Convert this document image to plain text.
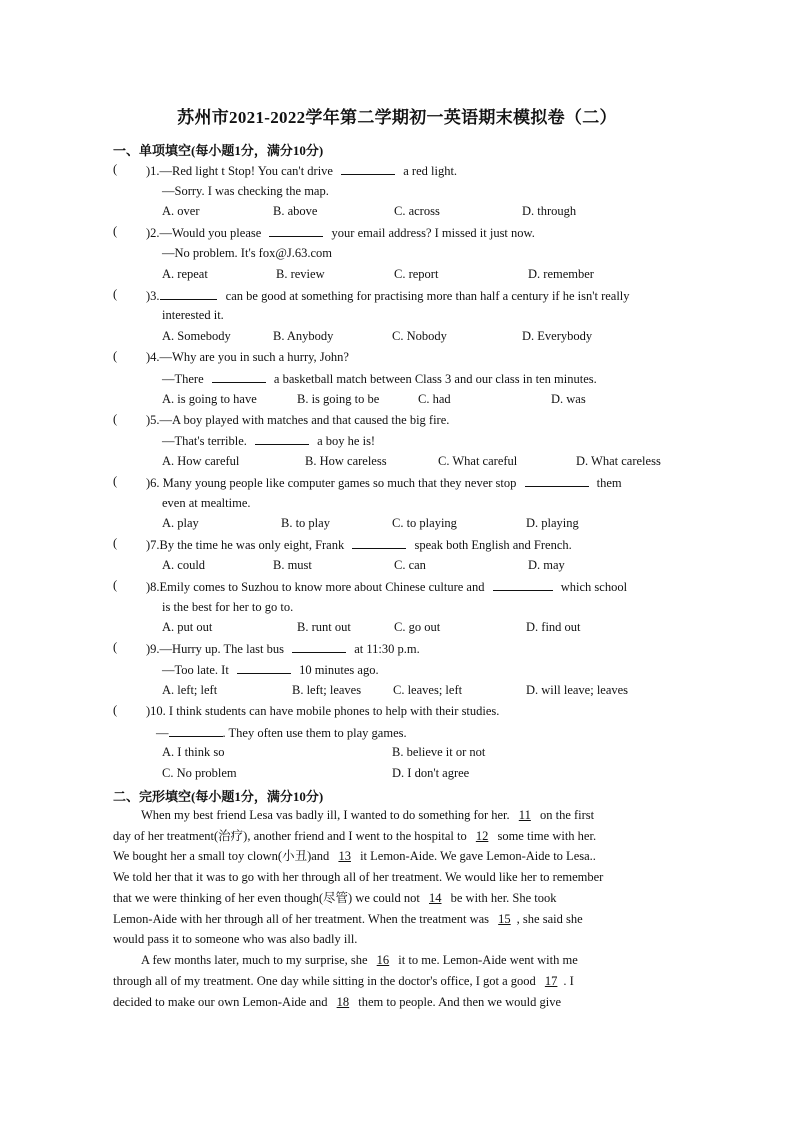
苏州市2021-2022学年第二学期初一英语期末模拟卷（二）
一、单项填空(每小题1分，满分10分)
( )1.—Red light t Stop! You can't drive	a red light.
—Sorry. I was checking the map.
A. over	B. above	C. across	D. through
( )2.—Would you please	your email address? I missed it just now.
—No problem. It's fox@J.63.com
A. repeat	B. review	C. report	D. remember
( )3.	can be good at something for practising more than half a century if he isn't really
interested it.
A. Somebody	B. Anybody	C. Nobody	D. Everybody
( )4.—Why are you in such a hurry, John?
—There	a basketball match between Class 3 and our class in ten minutes.
A. is going to have	B. is going to be	C. had	D. was
( )5.—A boy played with matches and that caused the big fire.
—That's terrible.	a boy he is!
A. How careful	B. How careless	C. What careful	D. What careless
( )6. Many young people like computer games so much that they never stop	them
even at mealtime.
A. play	B. to play	C. to playing	D. playing
( )7.By the time he was only eight, Frank	speak both English and French.
A. could	B. must	C. can	D. may
( )8.Emily comes to Suzhou to know more about Chinese culture and	which school
is the best for her to go to.
A. put out	B. runt out	C. go out	D. find out
( )9.—Hurry up. The last bus	at 11:30 p.m.
—Too late. It	10 minutes ago.
A. left; left	B. left; leaves	C. leaves; left	D. will leave; leaves
( )10. I think students can have mobile phones to help with their studies.
—	. They often use them to play games.
A. I think so	B. believe it or not
C. No problem	D. I don't agree
二、完形填空(每小题1分，满分10分)
When my best friend Lesa vas badly ill, I wanted to do something for her. 11 on the first
day of her treatment(治疗), another friend and I went to the hospital to 12 some time with her.
We bought her a small toy clown(小丑)and 13 it Lemon-Aide. We gave Lemon-Aide to Lesa..
We told her that it was to go with her through all of her treatment. We would like her to remember
that we were thinking of her even though(尽管) we could not 14 be with her. She took
Lemon-Aide with her through all of her treatment. When the treatment was 15 , she said she
would pass it to someone who was also badly ill.
A few months later, much to my surprise, she 16 it to me. Lemon-Aide went with me
through all of my treatment. One day while sitting in the doctor's office, I got a good 17 . I
decided to make our own Lemon-Aide and 18 them to people. And then we would give
